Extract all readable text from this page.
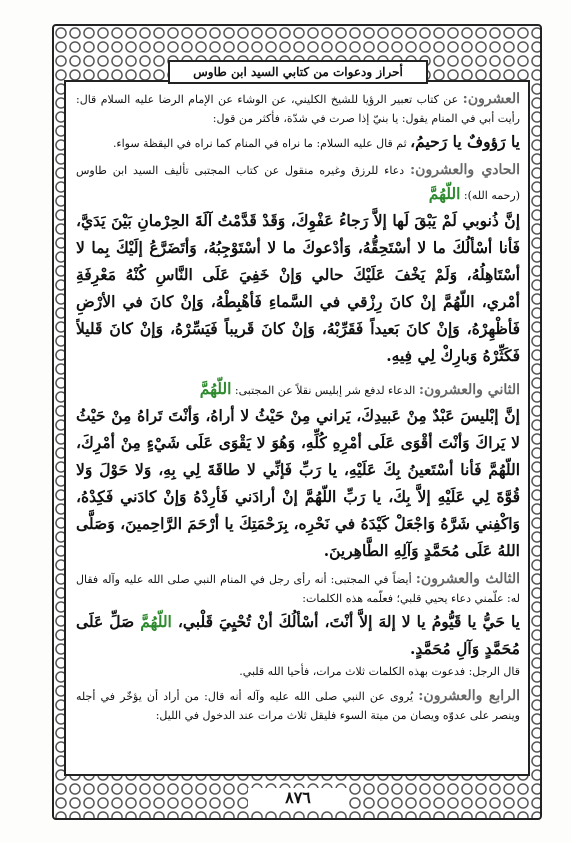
أحراز ودعوات من كتابي السيد ابن طاوس

العشرون: عن كتاب تعبير الرؤيا للشيخ الكليني، عن الوشاء عن الإمام الرضا عليه السلام قال: رأيت أبي في المنام يقول: يا بنيّ إذا صرت في شدّة، فأكثر من قول:

يا رَؤوفٌ يا رَحيمُ، ثم قال عليه السلام: ما نراه في المنام كما نراه في اليقظة سواء.

الحادي والعشرون: دعاء للرزق وغيره منقول عن كتاب المجتبى تأليف السيد ابن طاوس (رحمه الله): اللّهُمَّ

إنَّ ذُنوبي لَمْ يَبْقَ لَها إلاَّ رَجاءُ عَفْوِكَ، وَقَدْ قَدَّمْتُ آلَةَ الحِرْمانِ بَيْنَ يَدَيَّ، فَأنا أسْألُكَ ما لا أسْتَحِقُّهُ، وَأدْعوكَ ما لا أسْتَوْجِبُهُ، وَأتَضَرَّعُ إلَيْكَ بِما لا أسْتَاهِلُهُ، وَلَمْ يَخْفَ عَلَيْكَ حالي وَإنْ خَفِيَ عَلَى النَّاسِ كُنْهُ مَعْرِفَةِ أمْري، اللّهُمَّ إنْ كانَ رِزْقي في السَّماءِ فَأهْبِطْهُ، وَإنْ كانَ في الأرْضِ فَأظْهِرْهُ، وَإنْ كانَ بَعيداً فَقَرِّبْهُ، وَإنْ كانَ قَريباً فَيَسِّرْهُ، وَإنْ كانَ قَليلاً فَكَثِّرْهُ وَبارِكْ لِي فِيهِ.

الثاني والعشرون: الدعاء لدفع شر إبليس نقلاً عن المجتبى: اللّهُمَّ

إنَّ إبْليسَ عَبْدٌ مِنْ عَبيدِكَ، يَراني مِنْ حَيْثُ لا أراهُ، وَأنْتَ تَراهُ مِنْ حَيْثُ لا يَراكَ وَأنْتَ أقْوَى عَلَى أمْرِهِ كُلِّهِ، وَهُوَ لا يَقْوَى عَلَى شَيْءٍ مِنْ أمْرِكَ، اللّهُمَّ فَأنا أسْتَعينُ بِكَ عَلَيْهِ، يا رَبِّ فَإنِّي لا طاقَةَ لِي بِهِ، وَلا حَوْلَ وَلا قُوَّةَ لِي عَلَيْهِ إلاَّ بِكَ، يا رَبِّ اللّهُمَّ إنْ أرادَني فَأرِدْهُ وَإنْ كادَني فَكِدْهُ، وَاكْفِني شَرَّهُ وَاجْعَلْ كَيْدَهُ في نَحْرِه، بِرَحْمَتِكَ يا أرْحَمَ الرَّاحِمينَ، وَصَلَّى اللهُ عَلَى مُحَمَّدٍ وَآلِهِ الطَّاهِرينَ.

الثالث والعشرون: أيضاً في المجتبى: أنه رأى رجل في المنام النبي صلى الله عليه وآله فقال له: علّمني دعاء يحيي قلبي؛ فعلّمه هذه الكلمات:

يا حَيُّ يا قَيُّومُ يا لا إلهَ إلاَّ أنْتَ، أسْألُكَ أنْ تُحْيِيَ قَلْبي، اللّهُمَّ صَلِّ عَلَى مُحَمَّدٍ وَآلِ مُحَمَّدٍ.

قال الرجل: فدعوت بهذه الكلمات ثلاث مرات، فأحيا الله قلبي.

الرابع والعشرون: يُروى عن النبي صلى الله عليه وآله أنه قال: من أراد أن يؤخّر في أجله وينصر على عدوّه ويصان من ميتة السوء فليقل ثلاث مرات عند الدخول في الليل:

٨٧٦
